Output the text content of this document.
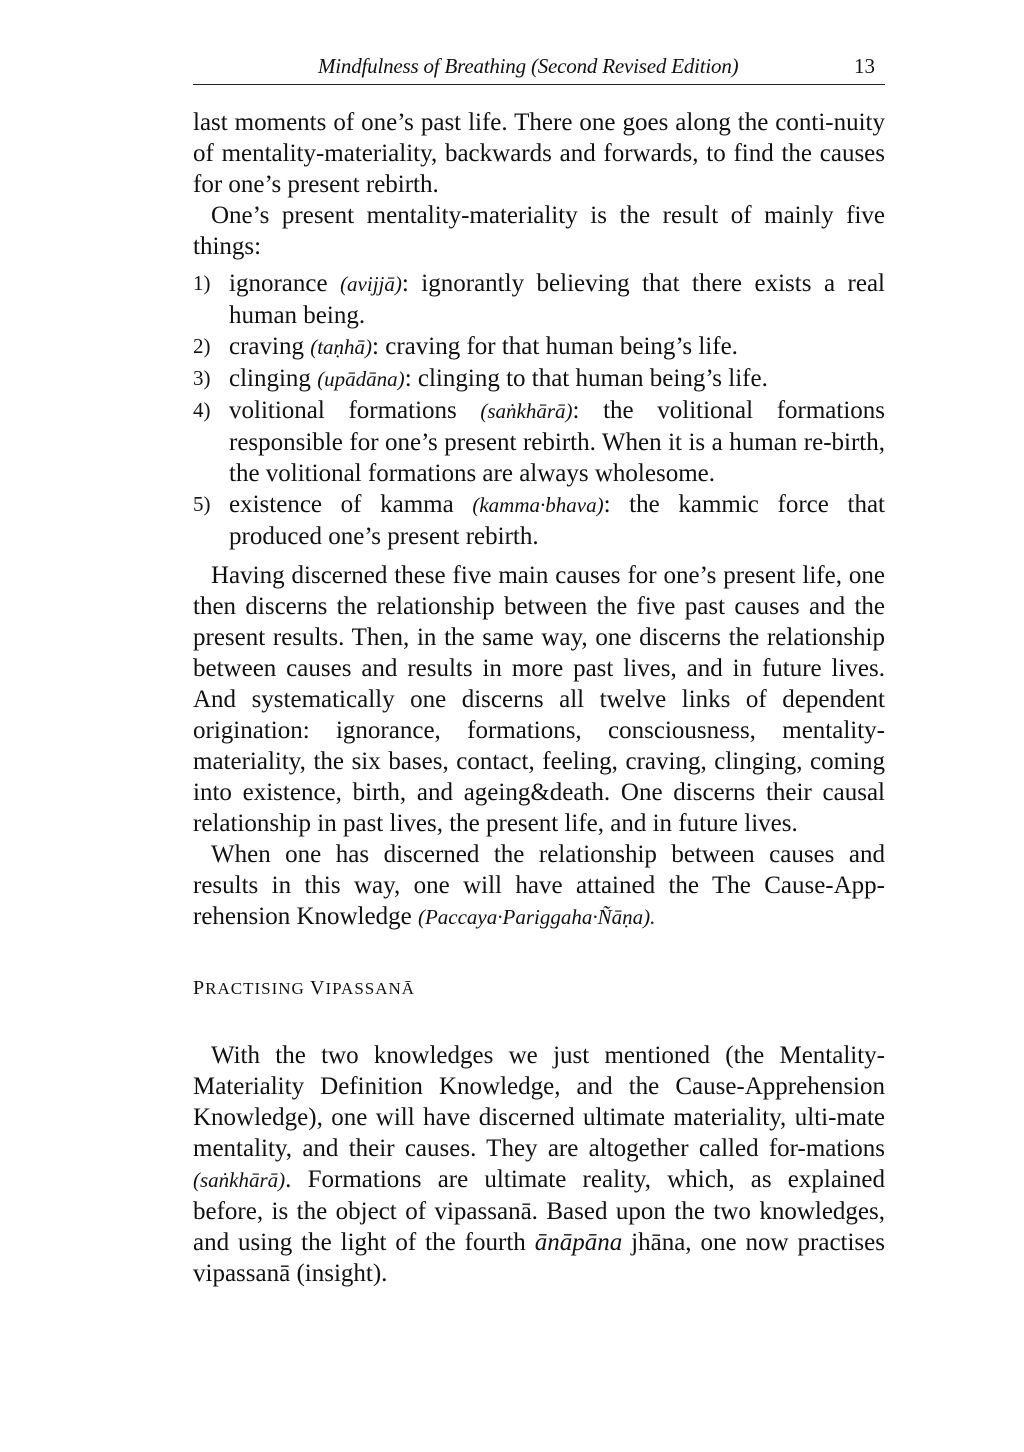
Mindfulness of Breathing (Second Revised Edition)	13

last moments of one’s past life. There one goes along the conti-nuity of mentality-materiality, backwards and forwards, to find the causes for one’s present rebirth.

One’s present mentality-materiality is the result of mainly five things:

1) ignorance (avijjā): ignorantly believing that there exists a real human being.
2) craving (taṇhā): craving for that human being’s life.
3) clinging (upādāna): clinging to that human being’s life.
4) volitional formations (saṅkhārā): the volitional formations responsible for one’s present rebirth. When it is a human re-birth, the volitional formations are always wholesome.
5) existence of kamma (kamma·bhava): the kammic force that produced one’s present rebirth.

Having discerned these five main causes for one’s present life, one then discerns the relationship between the five past causes and the present results. Then, in the same way, one discerns the relationship between causes and results in more past lives, and in future lives. And systematically one discerns all twelve links of dependent origination: ignorance, formations, consciousness, mentality-materiality, the six bases, contact, feeling, craving, clinging, coming into existence, birth, and ageing&death. One discerns their causal relationship in past lives, the present life, and in future lives.

When one has discerned the relationship between causes and results in this way, one will have attained the The Cause-App-rehension Knowledge (Paccaya·Pariggaha·Ñāṇa).

PRACTISING VIPASSANĀ

With the two knowledges we just mentioned (the Mentality-Materiality Definition Knowledge, and the Cause-Apprehension Knowledge), one will have discerned ultimate materiality, ulti-mate mentality, and their causes. They are altogether called for-mations (saṅkhārā). Formations are ultimate reality, which, as explained before, is the object of vipassanā. Based upon the two knowledges, and using the light of the fourth ānāpāna jhāna, one now practises vipassanā (insight).
